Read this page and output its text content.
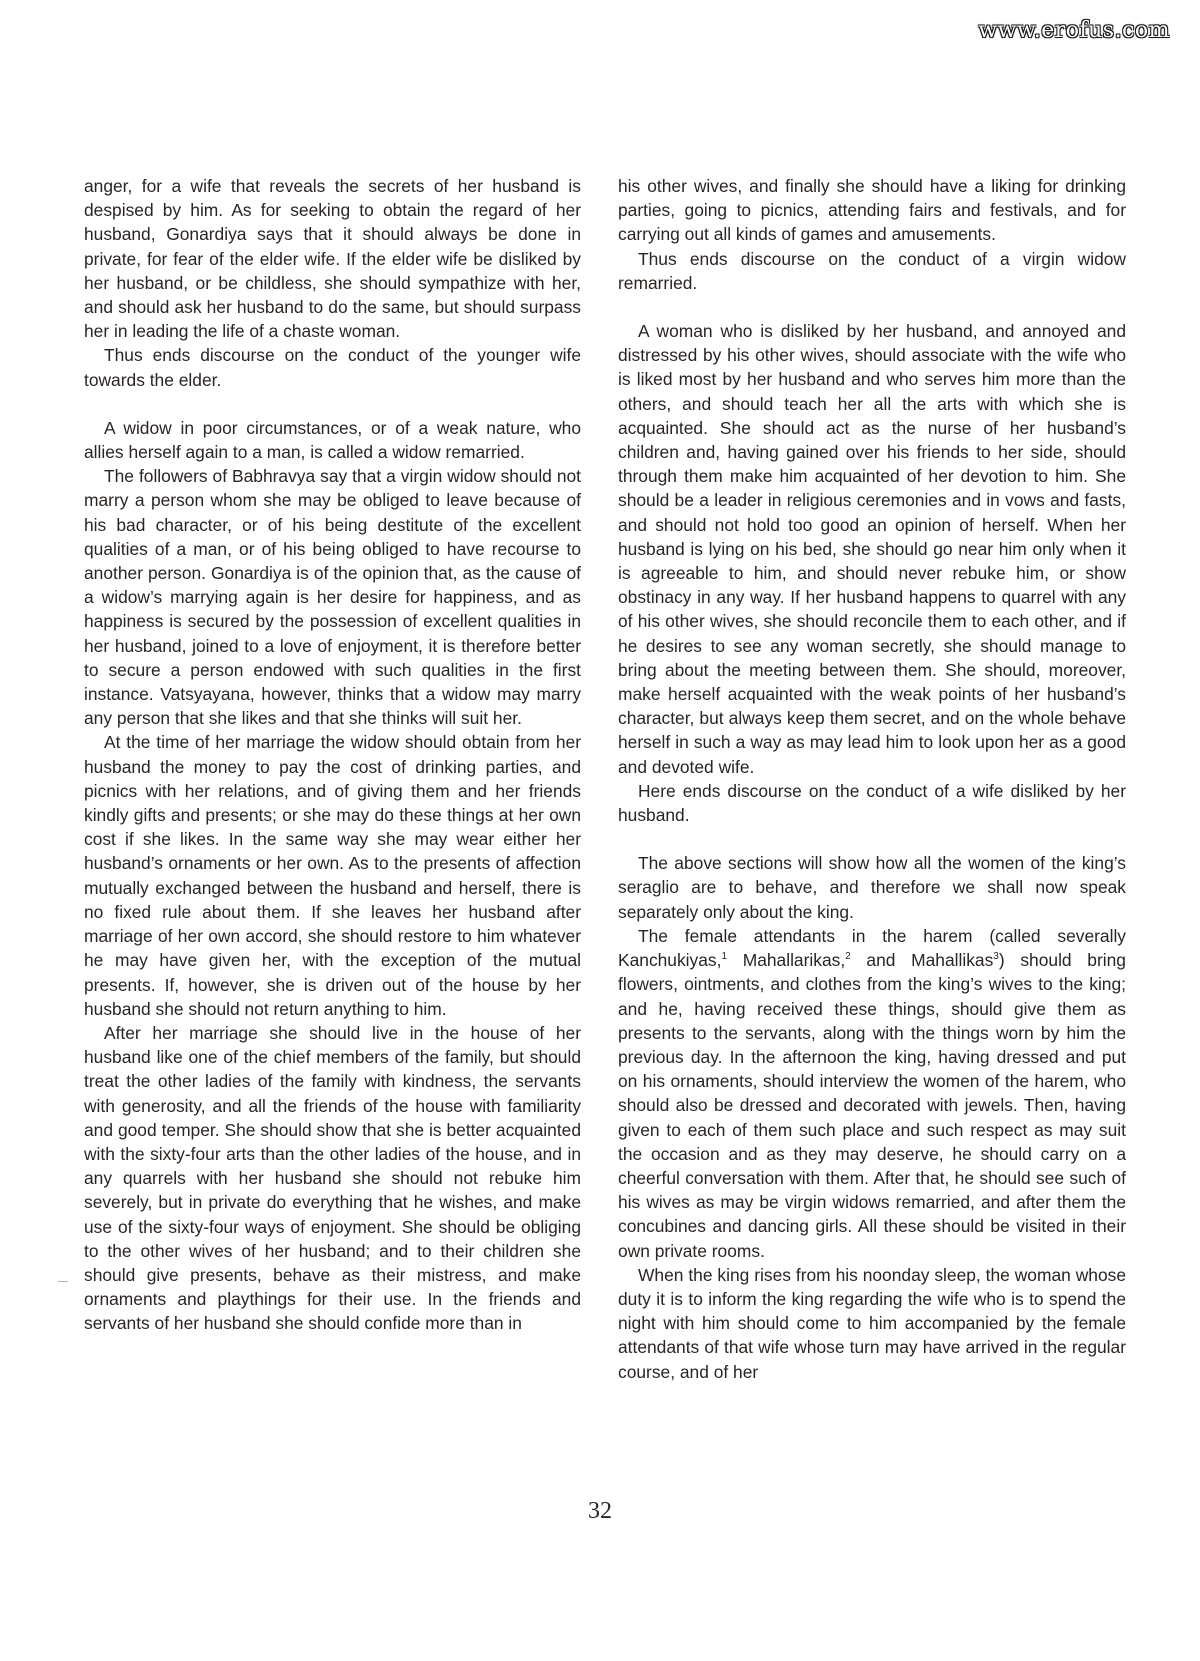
www.erofus.com

anger, for a wife that reveals the secrets of her husband is despised by him. As for seeking to obtain the regard of her husband, Gonardiya says that it should always be done in private, for fear of the elder wife. If the elder wife be disliked by her husband, or be childless, she should sympathize with her, and should ask her husband to do the same, but should surpass her in leading the life of a chaste woman.

Thus ends discourse on the conduct of the younger wife towards the elder.

A widow in poor circumstances, or of a weak nature, who allies herself again to a man, is called a widow remarried.

The followers of Babhravya say that a virgin widow should not marry a person whom she may be obliged to leave because of his bad character, or of his being destitute of the excellent qualities of a man, or of his being obliged to have recourse to another person. Gonardiya is of the opinion that, as the cause of a widow’s marrying again is her desire for happiness, and as happiness is secured by the possession of excellent qualities in her husband, joined to a love of enjoyment, it is therefore better to secure a person endowed with such qualities in the first instance. Vatsyayana, however, thinks that a widow may marry any person that she likes and that she thinks will suit her.

At the time of her marriage the widow should obtain from her husband the money to pay the cost of drinking parties, and picnics with her relations, and of giving them and her friends kindly gifts and presents; or she may do these things at her own cost if she likes. In the same way she may wear either her husband’s ornaments or her own. As to the presents of affection mutually exchanged between the husband and herself, there is no fixed rule about them. If she leaves her husband after marriage of her own accord, she should restore to him whatever he may have given her, with the exception of the mutual presents. If, however, she is driven out of the house by her husband she should not return anything to him.

After her marriage she should live in the house of her husband like one of the chief members of the family, but should treat the other ladies of the family with kindness, the servants with generosity, and all the friends of the house with familiarity and good temper. She should show that she is better acquainted with the sixty-four arts than the other ladies of the house, and in any quarrels with her husband she should not rebuke him severely, but in private do everything that he wishes, and make use of the sixty-four ways of enjoyment. She should be obliging to the other wives of her husband; and to their children she should give presents, behave as their mistress, and make ornaments and playthings for their use. In the friends and servants of her husband she should confide more than in

his other wives, and finally she should have a liking for drinking parties, going to picnics, attending fairs and festivals, and for carrying out all kinds of games and amusements.

Thus ends discourse on the conduct of a virgin widow remarried.

A woman who is disliked by her husband, and annoyed and distressed by his other wives, should associate with the wife who is liked most by her husband and who serves him more than the others, and should teach her all the arts with which she is acquainted. She should act as the nurse of her husband’s children and, having gained over his friends to her side, should through them make him acquainted of her devotion to him. She should be a leader in religious ceremonies and in vows and fasts, and should not hold too good an opinion of herself. When her husband is lying on his bed, she should go near him only when it is agreeable to him, and should never rebuke him, or show obstinacy in any way. If her husband happens to quarrel with any of his other wives, she should reconcile them to each other, and if he desires to see any woman secretly, she should manage to bring about the meeting between them. She should, moreover, make herself acquainted with the weak points of her husband’s character, but always keep them secret, and on the whole behave herself in such a way as may lead him to look upon her as a good and devoted wife.

Here ends discourse on the conduct of a wife disliked by her husband.

The above sections will show how all the women of the king’s seraglio are to behave, and therefore we shall now speak separately only about the king.

The female attendants in the harem (called severally Kanchukiyas,$^1$ Mahallarikas,$^2$ and Mahallikas$^3$) should bring flowers, ointments, and clothes from the king’s wives to the king; and he, having received these things, should give them as presents to the servants, along with the things worn by him the previous day. In the afternoon the king, having dressed and put on his ornaments, should interview the women of the harem, who should also be dressed and decorated with jewels. Then, having given to each of them such place and such respect as may suit the occasion and as they may deserve, he should carry on a cheerful conversation with them. After that, he should see such of his wives as may be virgin widows remarried, and after them the concubines and dancing girls. All these should be visited in their own private rooms.

When the king rises from his noonday sleep, the woman whose duty it is to inform the king regarding the wife who is to spend the night with him should come to him accompanied by the female attendants of that wife whose turn may have arrived in the regular course, and of her

32
